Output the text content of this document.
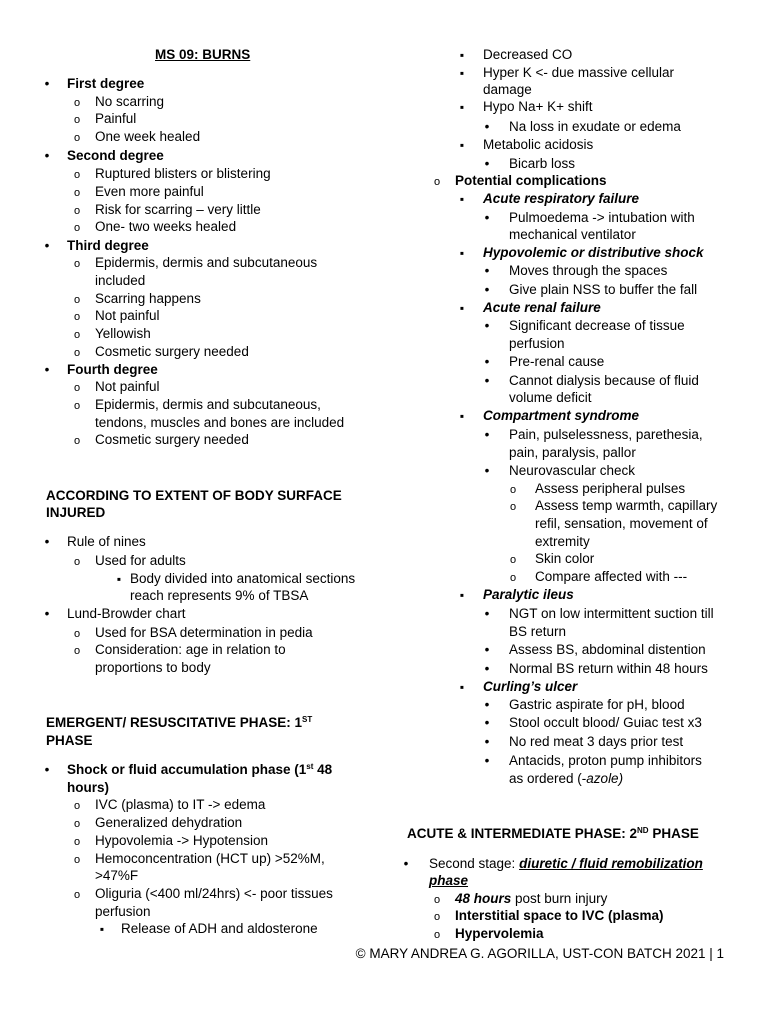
MS 09: BURNS
•
First degree
o
No scarring
o
Painful
o
One week healed
•
Second degree
o
Ruptured blisters or blistering
o
Even more painful
o
Risk for scarring – very little
o
One- two weeks healed
•
Third degree
o
Epidermis, dermis and subcutaneous
included
o
Scarring happens
o
Not painful
o
Yellowish
o
Cosmetic surgery needed
•
Fourth degree
o
Not painful
o
Epidermis, dermis and subcutaneous,
tendons, muscles and bones are included
o
Cosmetic surgery needed
ACCORDING TO EXTENT OF BODY SURFACE
INJURED
•
Rule of nines
o
Used for adults
▪
Body divided into anatomical sections
reach represents 9% of TBSA
•
Lund-Browder chart
o
Used for BSA determination in pedia
o
Consideration: age in relation to
proportions to body
EMERGENT/ RESUSCITATIVE PHASE: 1ST
PHASE
•
Shock or fluid accumulation phase (1st 48
hours)
o
IVC (plasma) to IT -> edema
o
Generalized dehydration
o
Hypovolemia -> Hypotension
o
Hemoconcentration (HCT up) >52%M,
>47%F
o
Oliguria (<400 ml/24hrs) <- poor tissues
perfusion
▪
Release of ADH and aldosterone
▪
Decreased CO
▪
Hyper K <- due massive cellular
damage
▪
Hypo Na+ K+ shift
•
Na loss in exudate or edema
▪
Metabolic acidosis
•
Bicarb loss
o
Potential complications
▪
Acute respiratory failure
•
Pulmoedema -> intubation with
mechanical ventilator
▪
Hypovolemic or distributive shock
•
Moves through the spaces
•
Give plain NSS to buffer the fall
▪
Acute renal failure
•
Significant decrease of tissue
perfusion
•
Pre-renal cause
•
Cannot dialysis because of fluid
volume deficit
▪
Compartment syndrome
•
Pain, pulselessness, parethesia,
pain, paralysis, pallor
•
Neurovascular check
o
Assess peripheral pulses
o
Assess temp warmth, capillary
refil, sensation, movement of
extremity
o
Skin color
o
Compare affected with ---
▪
Paralytic ileus
•
NGT on low intermittent suction till
BS return
•
Assess BS, abdominal distention
•
Normal BS return within 48 hours
▪
Curling’s ulcer
•
Gastric aspirate for pH, blood
•
Stool occult blood/ Guiac test x3
•
No red meat 3 days prior test
•
Antacids, proton pump inhibitors
as ordered (-azole)
ACUTE & INTERMEDIATE PHASE: 2ND PHASE
•
Second stage: diuretic / fluid remobilization
phase
o
48 hours post burn injury
o
Interstitial space to IVC (plasma)
o
Hypervolemia
© MARY ANDREA G. AGORILLA, UST-CON BATCH 2021 | 1
